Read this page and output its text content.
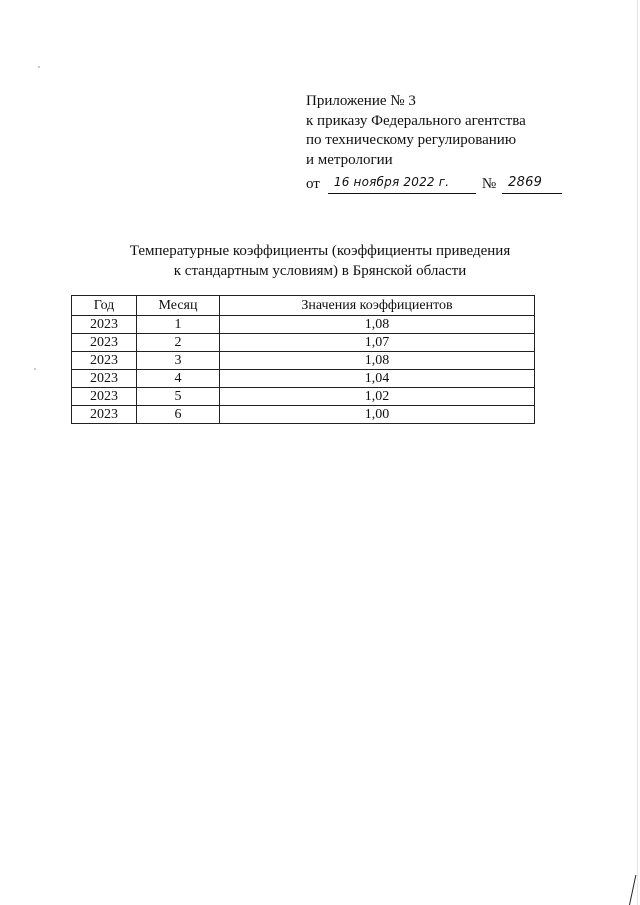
Приложение № 3
к приказу Федерального агентства
по техническому регулированию
и метрологии
от 16 ноября 2022 г. № 2869
Температурные коэффициенты (коэффициенты приведения
к стандартным условиям) в Брянской области
Год	Месяц	Значения коэффициентов
2023	1	1,08
2023	2	1,07
2023	3	1,08
2023	4	1,04
2023	5	1,02
2023	6	1,00
